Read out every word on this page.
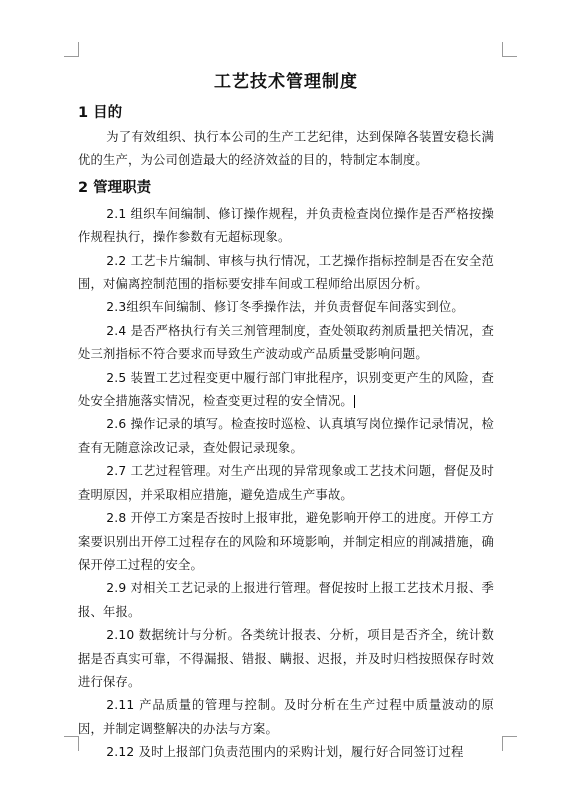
工艺技术管理制度

1 目的

为了有效组织、执行本公司的生产工艺纪律，达到保障各装置安稳长满优的生产，为公司创造最大的经济效益的目的，特制定本制度。

2 管理职责

2.1 组织车间编制、修订操作规程，并负责检查岗位操作是否严格按操作规程执行，操作参数有无超标现象。

2.2 工艺卡片编制、审核与执行情况，工艺操作指标控制是否在安全范围，对偏离控制范围的指标要安排车间或工程师给出原因分析。

2.3组织车间编制、修订冬季操作法，并负责督促车间落实到位。

2.4 是否严格执行有关三剂管理制度，查处领取药剂质量把关情况，查处三剂指标不符合要求而导致生产波动或产品质量受影响问题。

2.5 装置工艺过程变更中履行部门审批程序，识别变更产生的风险，查处安全措施落实情况，检查变更过程的安全情况。

2.6 操作记录的填写。检查按时巡检、认真填写岗位操作记录情况，检查有无随意涂改记录，查处假记录现象。

2.7 工艺过程管理。对生产出现的异常现象或工艺技术问题，督促及时查明原因，并采取相应措施，避免造成生产事故。

2.8 开停工方案是否按时上报审批，避免影响开停工的进度。开停工方案要识别出开停工过程存在的风险和环境影响，并制定相应的削减措施，确保开停工过程的安全。

2.9 对相关工艺记录的上报进行管理。督促按时上报工艺技术月报、季报、年报。

2.10 数据统计与分析。各类统计报表、分析，项目是否齐全，统计数据是否真实可靠，不得漏报、错报、瞒报、迟报，并及时归档按照保存时效进行保存。

2.11 产品质量的管理与控制。及时分析在生产过程中质量波动的原因，并制定调整解决的办法与方案。

2.12 及时上报部门负责范围内的采购计划，履行好合同签订过程
